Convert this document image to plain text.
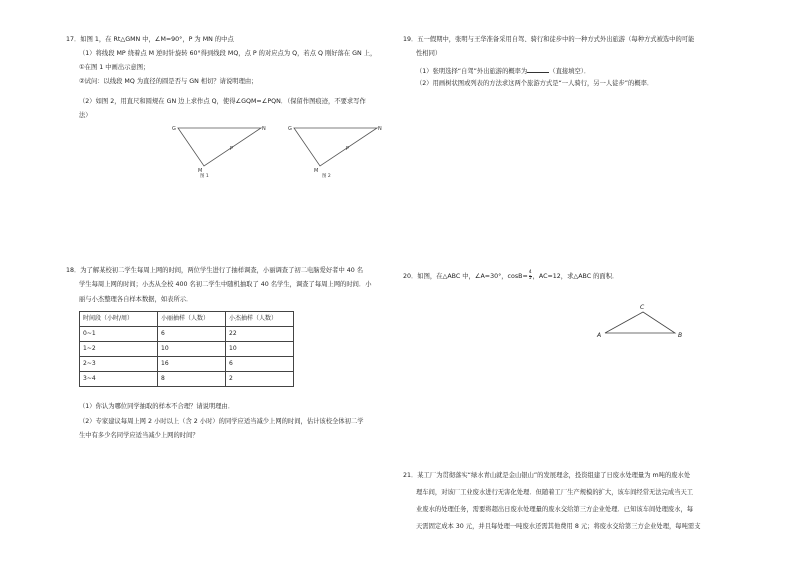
17．如图 1，在 Rt△GMN 中，∠M=90°，P 为 MN 的中点
（1）将线段 MP 绕着点 M 逆时针旋转 60°得到线段 MQ，点 P 的对应点为 Q，若点 Q 刚好落在 GN 上，
①在图 1 中画出示意图；
②试问：以线段 MQ 为直径的圆是否与 GN 相切？请说明理由；
（2）如图 2，用直尺和圆规在 GN 边上求作点 Q，使得∠GQM=∠PQN．（保留作图痕迹，不要求写作
法）
G	N
P
M
图 1
G	N
P
M
图 2
18．为了解某校初二学生每周上网的时间，两位学生进行了抽样调查，小丽调查了初二电脑爱好者中 40 名
学生每周上网的时间；小杰从全校 400 名初二学生中随机抽取了 40 名学生，调查了每周上网的时间．小
丽与小杰整理各自样本数据，如表所示．
时间段（小时/周）	小丽抽样（人数）	小杰抽样（人数）
0~1	6	22
1~2	10	10
2~3	16	6
3~4	8	2
（1）你认为哪位同学抽取的样本不合理？请说明理由．
（2）专家建议每周上网 2 小时以上（含 2 小时）的同学应适当减少上网的时间，估计该校全体初二学
生中有多少名同学应适当减少上网的时间？
19．五一假期中，张明与王华准备采用自驾、骑行和徒步中的一种方式外出旅游（每种方式被选中的可能
性相同）
（1）张明选择“自驾”外出旅游的概率为	（直接填空）．
（2）用画树状图或列表的方法求这两个旅游方式是“一人骑行，另一人徒步”的概率．
20．如图，在△ABC 中，∠A=30°，$\cos B= \frac{4}{5}$ ，AC=12，求△ABC 的面积．
A	B
C
21．某工厂为贯彻落实“绿水青山就是金山银山”的发展理念，投资组建了日废水处理量为 m吨的废水处
理车间，对该厂工业废水进行无害化处理．但随着工厂生产规模的扩大，该车间经常无法完成当天工
业废水的处理任务，需要将超出日废水处理量的废水交给第三方企业处理．已知该车间处理废水，每
天需固定成本 30 元，并且每处理一吨废水还需其他费用 8 元；将废水交给第三方企业处理，每吨需支
